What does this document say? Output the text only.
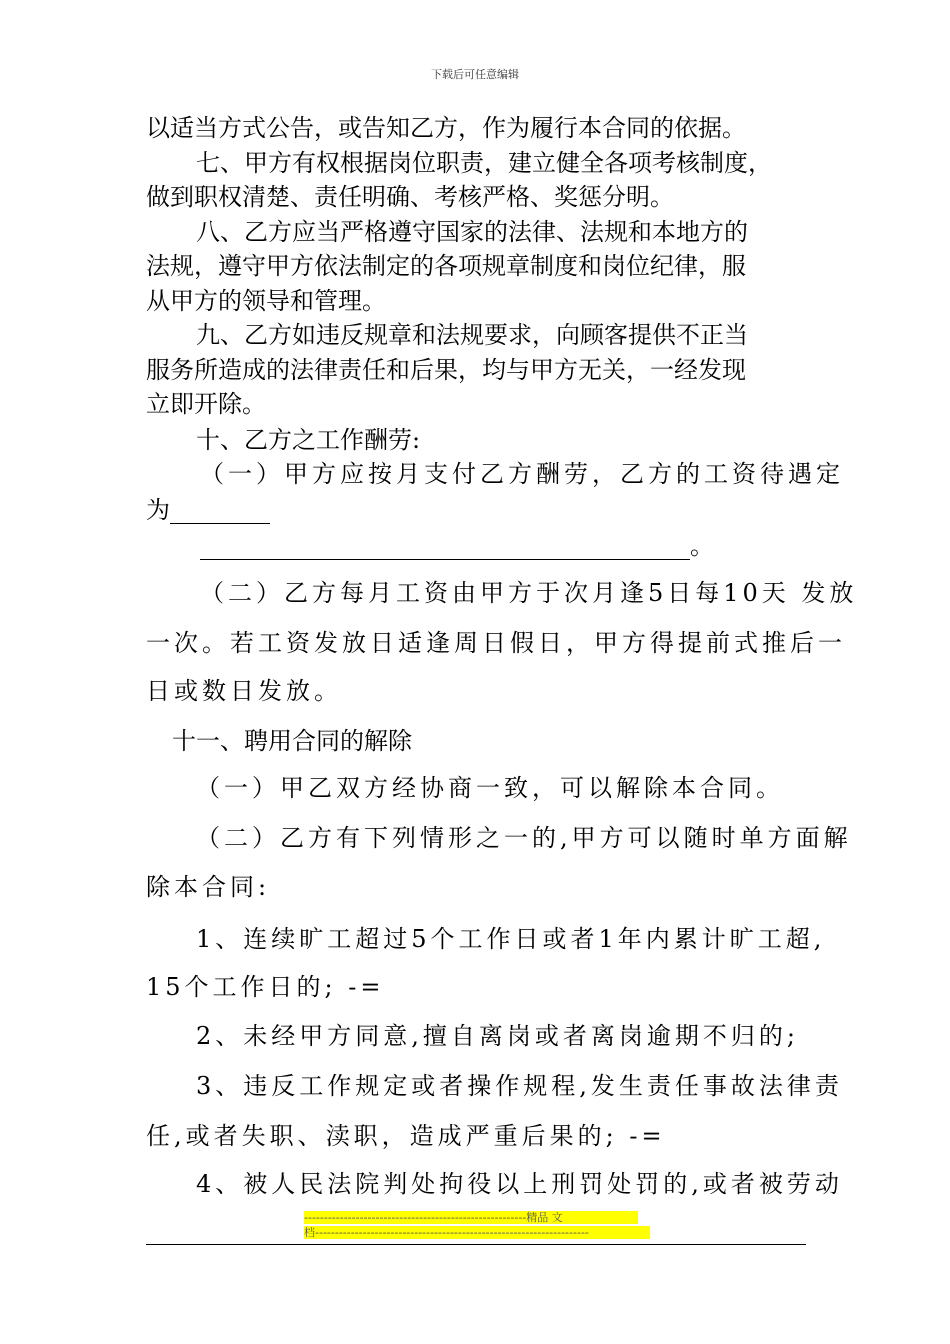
下载后可任意编辑
以适当方式公告，或告知乙方，作为履行本合同的依据。
七、甲方有权根据岗位职责，建立健全各项考核制度，
做到职权清楚、责任明确、考核严格、奖惩分明。
八、乙方应当严格遵守国家的法律、法规和本地方的
法规，遵守甲方依法制定的各项规章制度和岗位纪律，服
从甲方的领导和管理。
九、乙方如违反规章和法规要求，向顾客提供不正当
服务所造成的法律责任和后果，均与甲方无关，一经发现
立即开除。
十、乙方之工作酬劳:
（一）甲方应按月支付乙方酬劳，乙方的工资待遇定
为
＿	。
（二）乙方每月工资由甲方于次月逢5日每10天 发放
一次。若工资发放日适逢周日假日，甲方得提前式推后一
日或数日发放。
十一、聘用合同的解除
（一）甲乙双方经协商一致，可以解除本合同。
（二）乙方有下列情形之一的,甲方可以随时单方面解
除本合同:
1、连续旷工超过5个工作日或者1年内累计旷工超,
15个工作日的; -=
2、未经甲方同意,擅自离岗或者离岗逾期不归的;
3、违反工作规定或者操作规程,发生责任事故法律责
任,或者失职、渎职，造成严重后果的; -=
4、被人民法院判处拘役以上刑罚处罚的,或者被劳动
--------------------------------------------------------精品 文
档---------------------------------------------------------------------
